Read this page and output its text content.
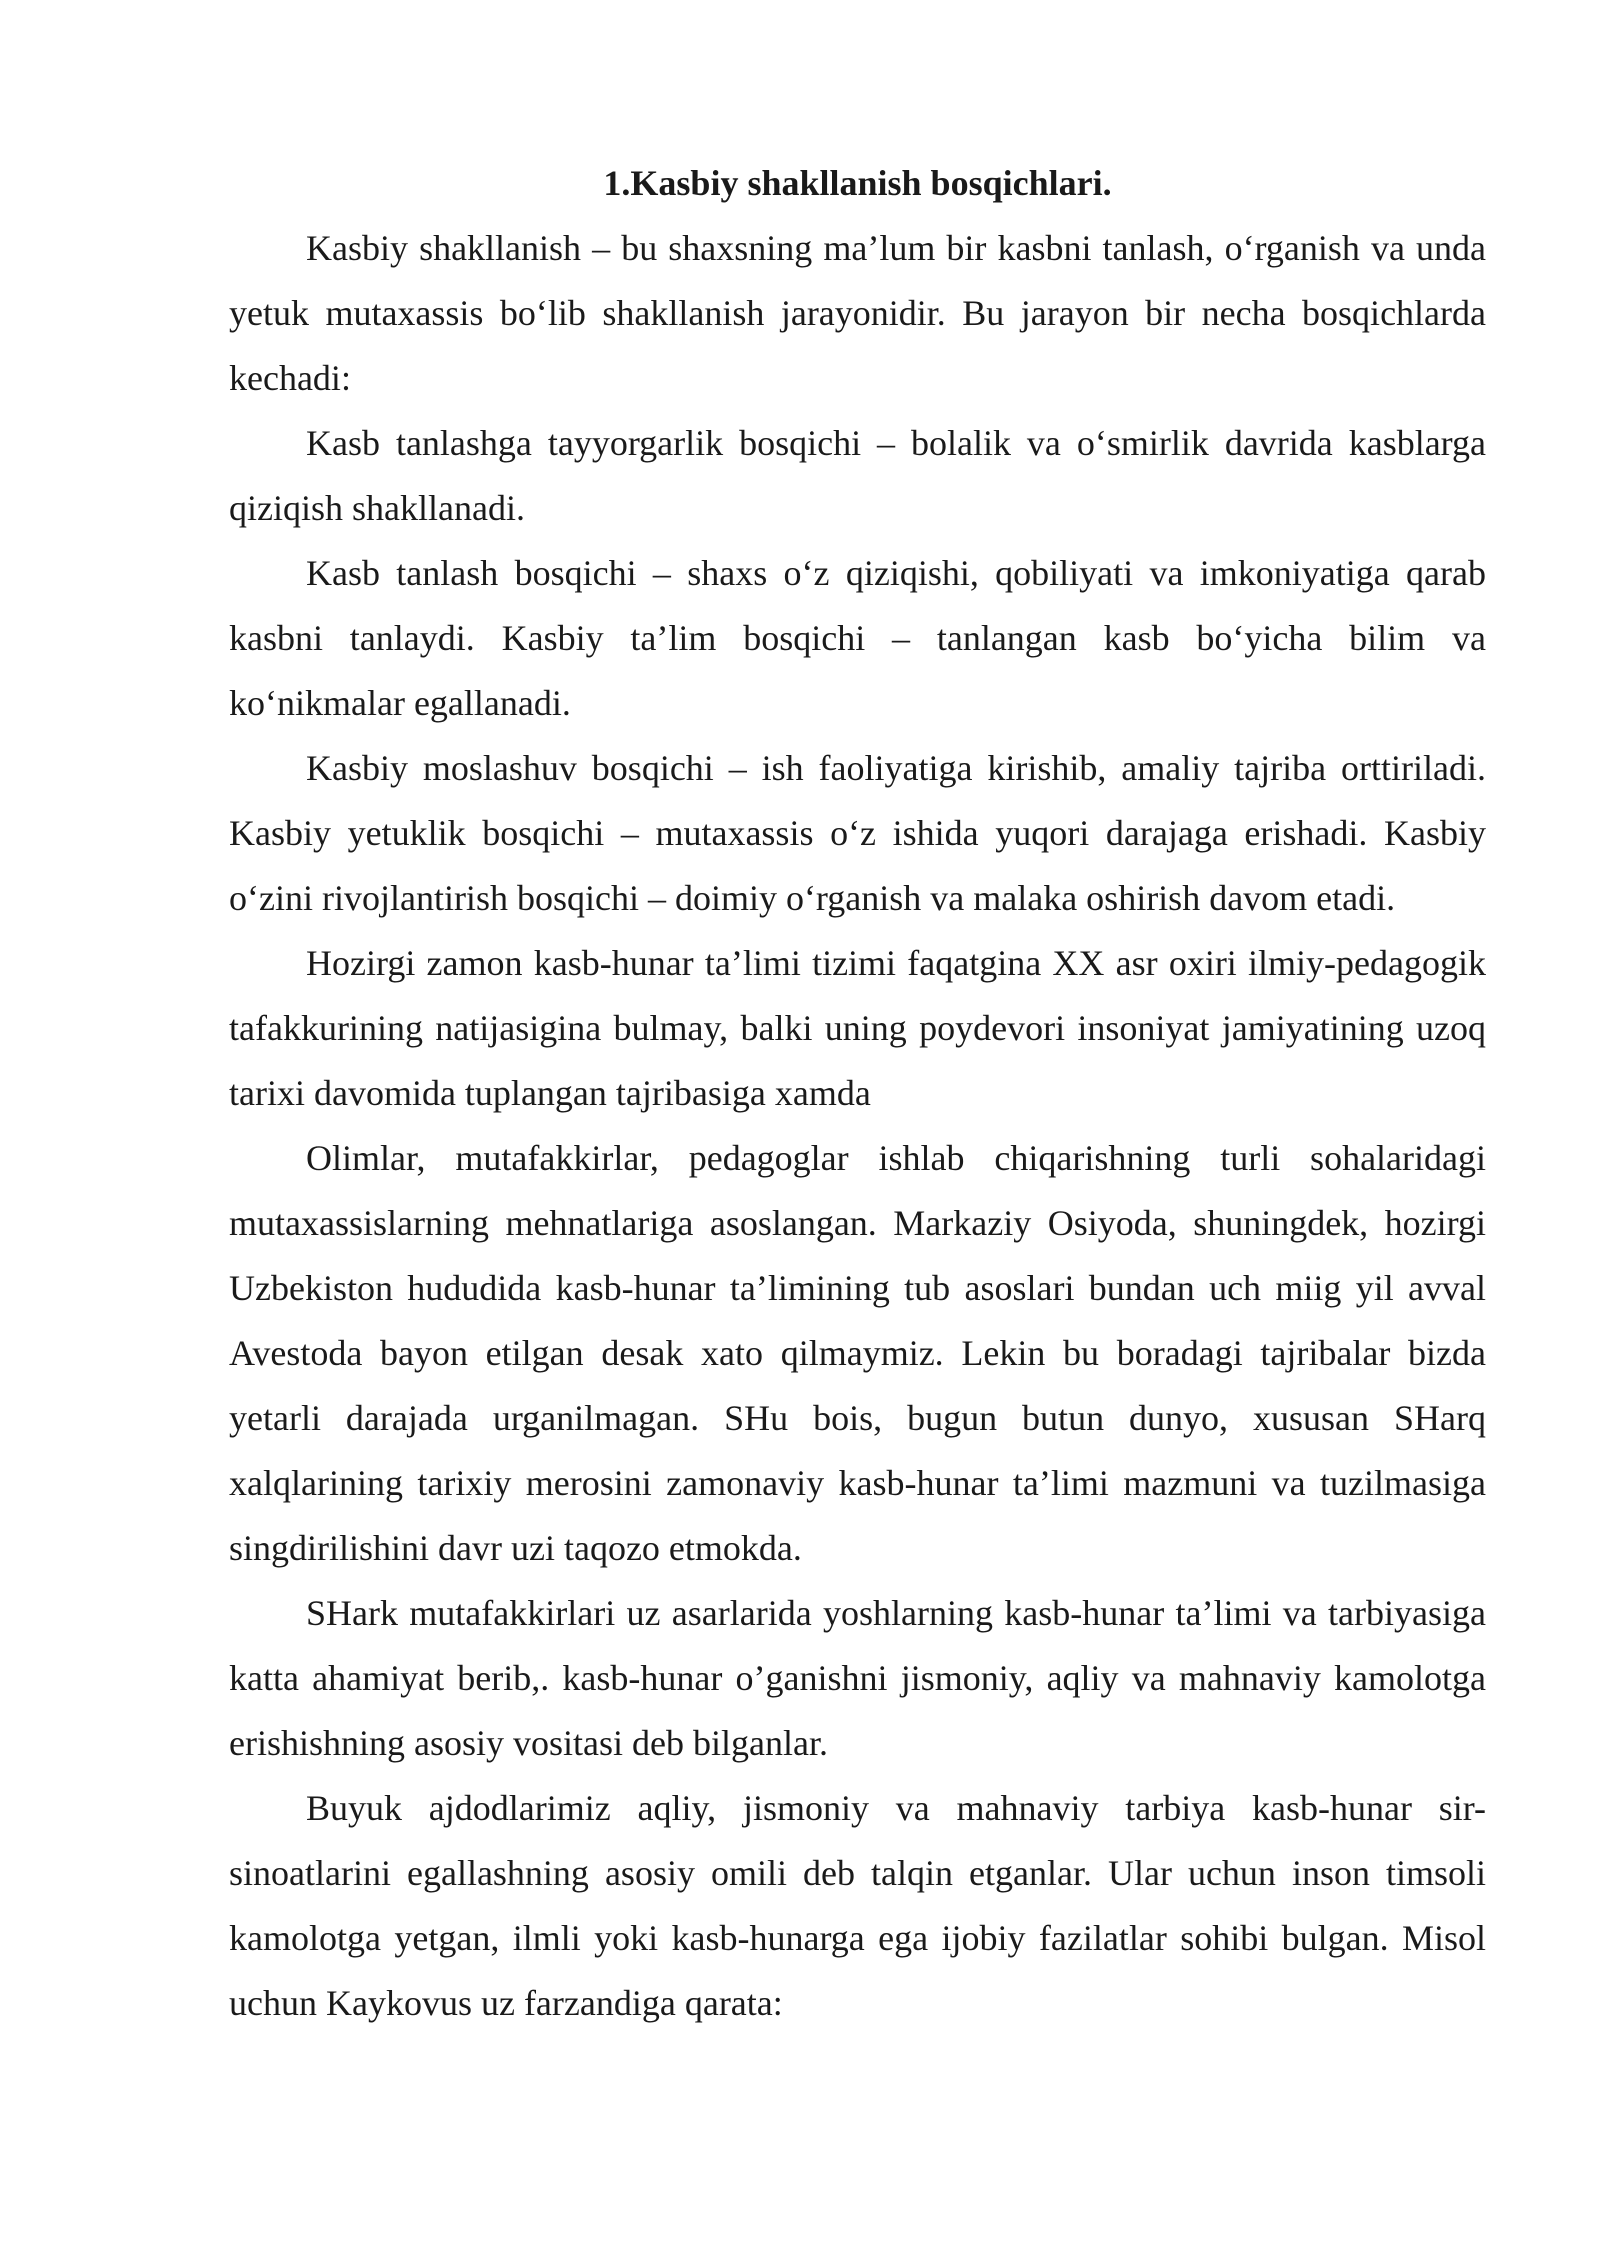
1.Kasbiy shakllanish bosqichlari.

Kasbiy shakllanish – bu shaxsning ma’lum bir kasbni tanlash, o‘rganish va unda yetuk mutaxassis bo‘lib shakllanish jarayonidir. Bu jarayon bir necha bosqichlarda kechadi:

Kasb tanlashga tayyorgarlik bosqichi – bolalik va o‘smirlik davrida kasblarga qiziqish shakllanadi.

Kasb tanlash bosqichi – shaxs o‘z qiziqishi, qobiliyati va imkoniyatiga qarab kasbni tanlaydi. Kasbiy ta’lim bosqichi – tanlangan kasb bo‘yicha bilim va ko‘nikmalar egallanadi.

Kasbiy moslashuv bosqichi – ish faoliyatiga kirishib, amaliy tajriba orttiriladi. Kasbiy yetuklik bosqichi – mutaxassis o‘z ishida yuqori darajaga erishadi. Kasbiy o‘zini rivojlantirish bosqichi – doimiy o‘rganish va malaka oshirish davom etadi.

Hozirgi zamon kasb-hunar ta’limi tizimi faqatgina XX asr oxiri ilmiy-pedagogik tafakkurining natijasigina bulmay, balki uning poydevori insoniyat jamiyatining uzoq tarixi davomida tuplangan tajribasiga xamda

Olimlar, mutafakkirlar, pedagoglar ishlab chiqarishning turli sohalaridagi mutaxassislarning mehnatlariga asoslangan. Markaziy Osiyoda, shuningdek, hozirgi Uzbekiston hududida kasb-hunar ta’limining tub asoslari bundan uch miig yil avval Avestoda bayon etilgan desak xato qilmaymiz. Lekin bu boradagi tajribalar bizda yetarli darajada urganilmagan. SHu bois, bugun butun dunyo, xususan SHarq xalqlarining tarixiy merosini zamonaviy kasb-hunar ta’limi mazmuni va tuzilmasiga singdirilishini davr uzi taqozo etmokda.

SHark mutafakkirlari uz asarlarida yoshlarning kasb-hunar ta’limi va tarbiyasiga katta ahamiyat berib,. kasb-hunar o’ganishni jismoniy, aqliy va mahnaviy kamolotga erishishning asosiy vositasi deb bilganlar.

Buyuk ajdodlarimiz aqliy, jismoniy va mahnaviy tarbiya kasb-hunar sir-sinoatlarini egallashning asosiy omili deb talqin etganlar. Ular uchun inson timsoli kamolotga yetgan, ilmli yoki kasb-hunarga ega ijobiy fazilatlar sohibi bulgan. Misol uchun Kaykovus uz farzandiga qarata:
